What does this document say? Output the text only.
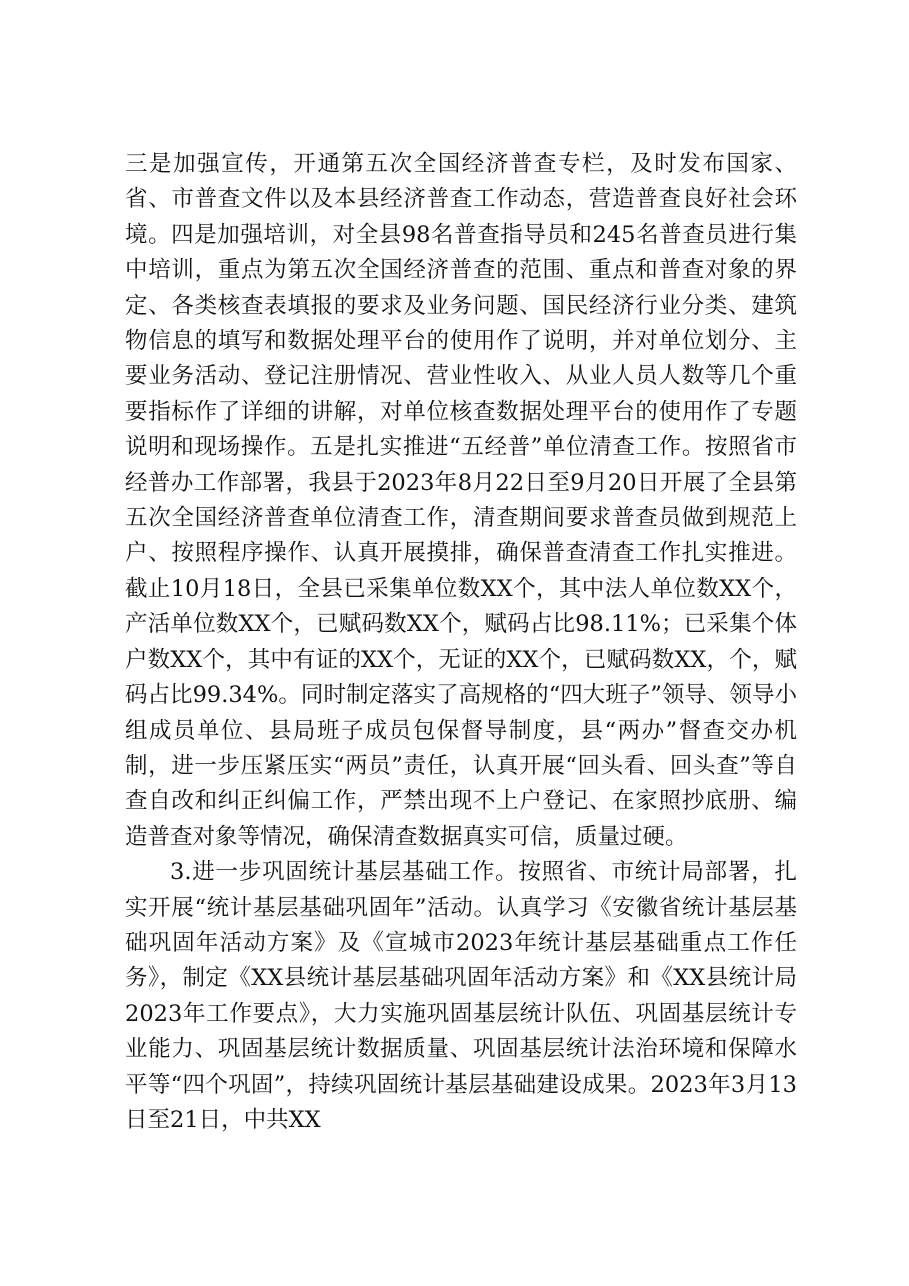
三是加强宣传，开通第五次全国经济普查专栏，及时发布国家、省、市普查文件以及本县经济普查工作动态，营造普查良好社会环境。四是加强培训，对全县98名普查指导员和245名普查员进行集中培训，重点为第五次全国经济普查的范围、重点和普查对象的界定、各类核查表填报的要求及业务问题、国民经济行业分类、建筑物信息的填写和数据处理平台的使用作了说明，并对单位划分、主要业务活动、登记注册情况、营业性收入、从业人员人数等几个重要指标作了详细的讲解，对单位核查数据处理平台的使用作了专题说明和现场操作。五是扎实推进“五经普”单位清查工作。按照省市经普办工作部署，我县于2023年8月22日至9月20日开展了全县第五次全国经济普查单位清查工作，清查期间要求普查员做到规范上户、按照程序操作、认真开展摸排，确保普查清查工作扎实推进。截止10月18日，全县已采集单位数XX个，其中法人单位数XX个，产活单位数XX个，已赋码数XX个，赋码占比98.11%；已采集个体户数XX个，其中有证的XX个，无证的XX个，已赋码数XX，个，赋码占比99.34%。同时制定落实了高规格的“四大班子”领导、领导小组成员单位、县局班子成员包保督导制度，县“两办”督查交办机制，进一步压紧压实“两员”责任，认真开展“回头看、回头查”等自查自改和纠正纠偏工作，严禁出现不上户登记、在家照抄底册、编造普查对象等情况，确保清查数据真实可信，质量过硬。

3.进一步巩固统计基层基础工作。按照省、市统计局部署，扎实开展“统计基层基础巩固年”活动。认真学习《安徽省统计基层基础巩固年活动方案》及《宣城市2023年统计基层基础重点工作任务》，制定《XX县统计基层基础巩固年活动方案》和《XX县统计局2023年工作要点》，大力实施巩固基层统计队伍、巩固基层统计专业能力、巩固基层统计数据质量、巩固基层统计法治环境和保障水平等“四个巩固”，持续巩固统计基层基础建设成果。2023年3月13日至21日，中共XX
